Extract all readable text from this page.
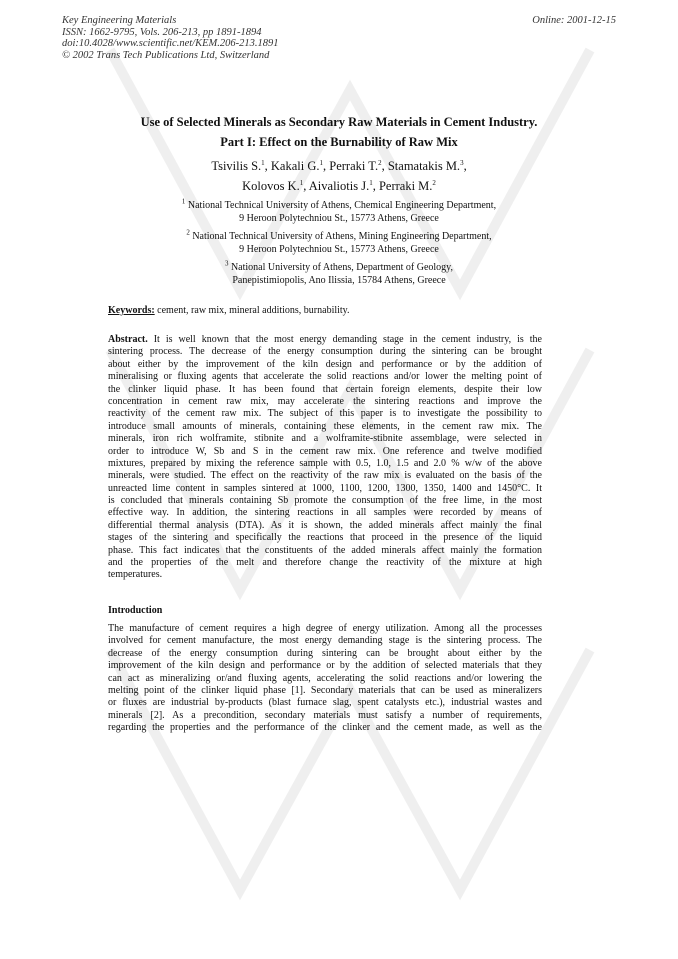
Key Engineering Materials
ISSN: 1662-9795, Vols. 206-213, pp 1891-1894
doi:10.4028/www.scientific.net/KEM.206-213.1891
© 2002 Trans Tech Publications Ltd, Switzerland
Online: 2001-12-15
Use of Selected Minerals as Secondary Raw Materials in Cement Industry.
Part I: Effect on the Burnability of Raw Mix
Tsivilis S.$^1$, Kakali G.$^1$, Perraki T.$^2$, Stamatakis M.$^3$,
Kolovos K.$^1$, Aivaliotis J.$^1$, Perraki M.$^2$
$^1$ National Technical University of Athens, Chemical Engineering Department,
9 Heroon Polytechniou St., 15773 Athens, Greece
$^2$ National Technical University of Athens, Mining Engineering Department,
9 Heroon Polytechniou St., 15773 Athens, Greece
$^3$ National University of Athens, Department of Geology,
Panepistimiopolis, Ano Ilissia, 15784 Athens, Greece
Keywords: cement, raw mix, mineral additions, burnability.
Abstract. It is well known that the most energy demanding stage in the cement industry, is the
sintering process. The decrease of the energy consumption during the sintering can be brought
about either by the improvement of the kiln design and performance or by the addition of
mineralising or fluxing agents that accelerate the solid reactions and/or lower the melting point of
the clinker liquid phase. It has been found that certain foreign elements, despite their low
concentration in cement raw mix, may accelerate the sintering reactions and improve the
reactivity of the cement raw mix. The subject of this paper is to investigate the possibility to
introduce small amounts of minerals, containing these elements, in the cement raw mix. The
minerals, iron rich wolframite, stibnite and a wolframite-stibnite assemblage, were selected in
order to introduce W, Sb and S in the cement raw mix. One reference and twelve modified
mixtures, prepared by mixing the reference sample with 0.5, 1.0, 1.5 and 2.0 % w/w of the above
minerals, were studied. The effect on the reactivity of the raw mix is evaluated on the basis of the
unreacted lime content in samples sintered at 1000, 1100, 1200, 1300, 1350, 1400 and 1450°C. It
is concluded that minerals containing Sb promote the consumption of the free lime, in the most
effective way. In addition, the sintering reactions in all samples were recorded by means of
differential thermal analysis (DTA). As it is shown, the added minerals affect mainly the final
stages of the sintering and specifically the reactions that proceed in the presence of the liquid
phase. This fact indicates that the constituents of the added minerals affect mainly the formation
and the properties of the melt and therefore change the reactivity of the mixture at high
temperatures.
Introduction
The manufacture of cement requires a high degree of energy utilization. Among all the processes
involved for cement manufacture, the most energy demanding stage is the sintering process. The
decrease of the energy consumption during sintering can be brought about either by the
improvement of the kiln design and performance or by the addition of selected materials that they
can act as mineralizing or/and fluxing agents, accelerating the solid reactions and/or lowering the
melting point of the clinker liquid phase [1]. Secondary materials that can be used as mineralizers
or fluxes are industrial by-products (blast furnace slag, spent catalysts etc.), industrial wastes and
minerals [2]. As a precondition, secondary materials must satisfy a number of requirements,
regarding the properties and the performance of the clinker and the cement made, as well as the
